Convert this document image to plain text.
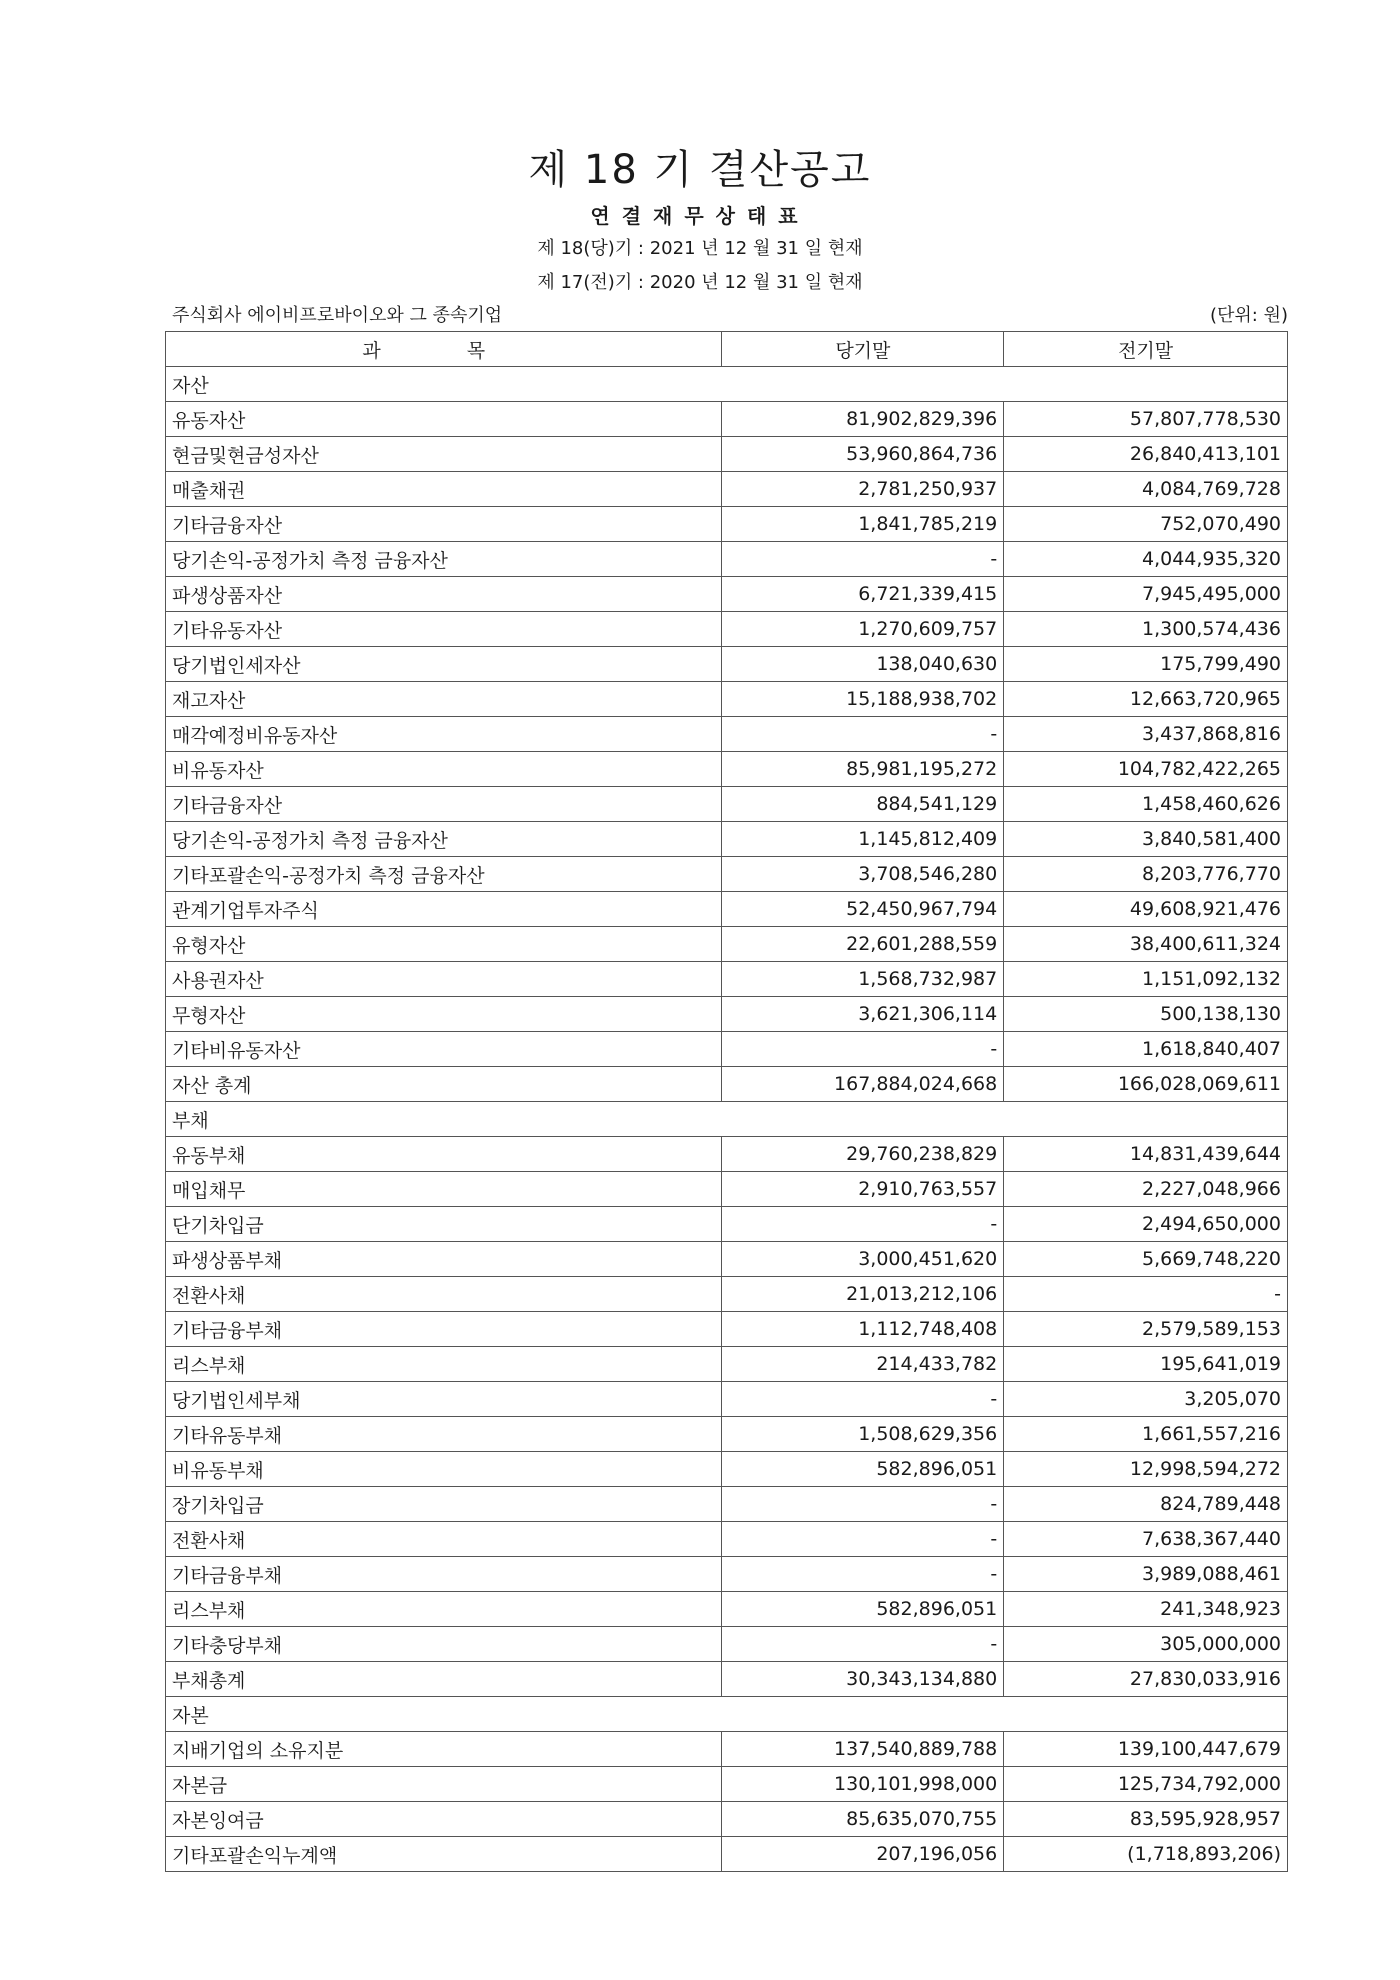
제 18 기 결산공고
연결재무상태표
제 18(당)기 : 2021 년 12 월 31 일 현재
제 17(전)기 : 2020 년 12 월 31 일 현재
주식회사 에이비프로바이오와 그 종속기업	(단위: 원)
과 목	당기말	전기말
자산		
유동자산	81,902,829,396	57,807,778,530
현금및현금성자산	53,960,864,736	26,840,413,101
매출채권	2,781,250,937	4,084,769,728
기타금융자산	1,841,785,219	752,070,490
당기손익-공정가치 측정 금융자산	-	4,044,935,320
파생상품자산	6,721,339,415	7,945,495,000
기타유동자산	1,270,609,757	1,300,574,436
당기법인세자산	138,040,630	175,799,490
재고자산	15,188,938,702	12,663,720,965
매각예정비유동자산	-	3,437,868,816
비유동자산	85,981,195,272	104,782,422,265
기타금융자산	884,541,129	1,458,460,626
당기손익-공정가치 측정 금융자산	1,145,812,409	3,840,581,400
기타포괄손익-공정가치 측정 금융자산	3,708,546,280	8,203,776,770
관계기업투자주식	52,450,967,794	49,608,921,476
유형자산	22,601,288,559	38,400,611,324
사용권자산	1,568,732,987	1,151,092,132
무형자산	3,621,306,114	500,138,130
기타비유동자산	-	1,618,840,407
자산 총계	167,884,024,668	166,028,069,611
부채		
유동부채	29,760,238,829	14,831,439,644
매입채무	2,910,763,557	2,227,048,966
단기차입금	-	2,494,650,000
파생상품부채	3,000,451,620	5,669,748,220
전환사채	21,013,212,106	-
기타금융부채	1,112,748,408	2,579,589,153
리스부채	214,433,782	195,641,019
당기법인세부채	-	3,205,070
기타유동부채	1,508,629,356	1,661,557,216
비유동부채	582,896,051	12,998,594,272
장기차입금	-	824,789,448
전환사채	-	7,638,367,440
기타금융부채	-	3,989,088,461
리스부채	582,896,051	241,348,923
기타충당부채	-	305,000,000
부채총계	30,343,134,880	27,830,033,916
자본		
지배기업의 소유지분	137,540,889,788	139,100,447,679
자본금	130,101,998,000	125,734,792,000
자본잉여금	85,635,070,755	83,595,928,957
기타포괄손익누계액	207,196,056	(1,718,893,206)
